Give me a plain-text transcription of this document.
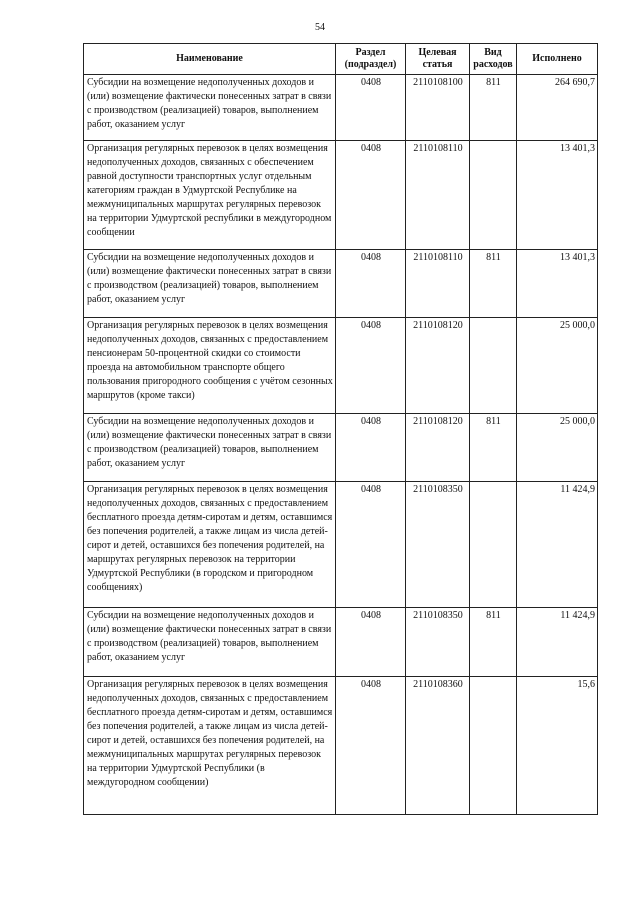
54
Наименование	Раздел (подраздел)	Целевая статья	Вид расходов	Исполнено
Субсидии на возмещение недополученных доходов и (или) возмещение фактически понесенных затрат в связи с производством (реализацией) товаров, выполнением работ, оказанием услуг	0408	2110108100	811	264 690,7
Организация регулярных перевозок в целях возмещения недополученных доходов, связанных с обеспечением равной доступности транспортных услуг отдельным категориям граждан в Удмуртской Республике на межмуниципальных маршрутах регулярных перевозок на территории Удмуртской республики в междугородном сообщении	0408	2110108110		13 401,3
Субсидии на возмещение недополученных доходов и (или) возмещение фактически понесенных затрат в связи с производством (реализацией) товаров, выполнением работ, оказанием услуг	0408	2110108110	811	13 401,3
Организация регулярных перевозок в целях возмещения недополученных доходов, связанных с предоставлением пенсионерам 50-процентной скидки со стоимости проезда на автомобильном транспорте общего пользования пригородного сообщения с учётом сезонных маршрутов (кроме такси)	0408	2110108120		25 000,0
Субсидии на возмещение недополученных доходов и (или) возмещение фактически понесенных затрат в связи с производством (реализацией) товаров, выполнением работ, оказанием услуг	0408	2110108120	811	25 000,0
Организация регулярных перевозок в целях возмещения недополученных доходов, связанных с предоставлением бесплатного проезда детям-сиротам и детям, оставшимся без попечения родителей, а также лицам из числа детей-сирот и детей, оставшихся без попечения родителей, на маршрутах регулярных перевозок на территории Удмуртской Республики (в городском и пригородном сообщениях)	0408	2110108350		11 424,9
Субсидии на возмещение недополученных доходов и (или) возмещение фактически понесенных затрат в связи с производством (реализацией) товаров, выполнением работ, оказанием услуг	0408	2110108350	811	11 424,9
Организация регулярных перевозок в целях возмещения недополученных доходов, связанных с предоставлением бесплатного проезда детям-сиротам и детям, оставшимся без попечения родителей, а также лицам из числа детей-сирот и детей, оставшихся без попечения родителей, на межмуниципальных маршрутах регулярных перевозок на территории Удмуртской Республики (в междугородном сообщении)	0408	2110108360		15,6
